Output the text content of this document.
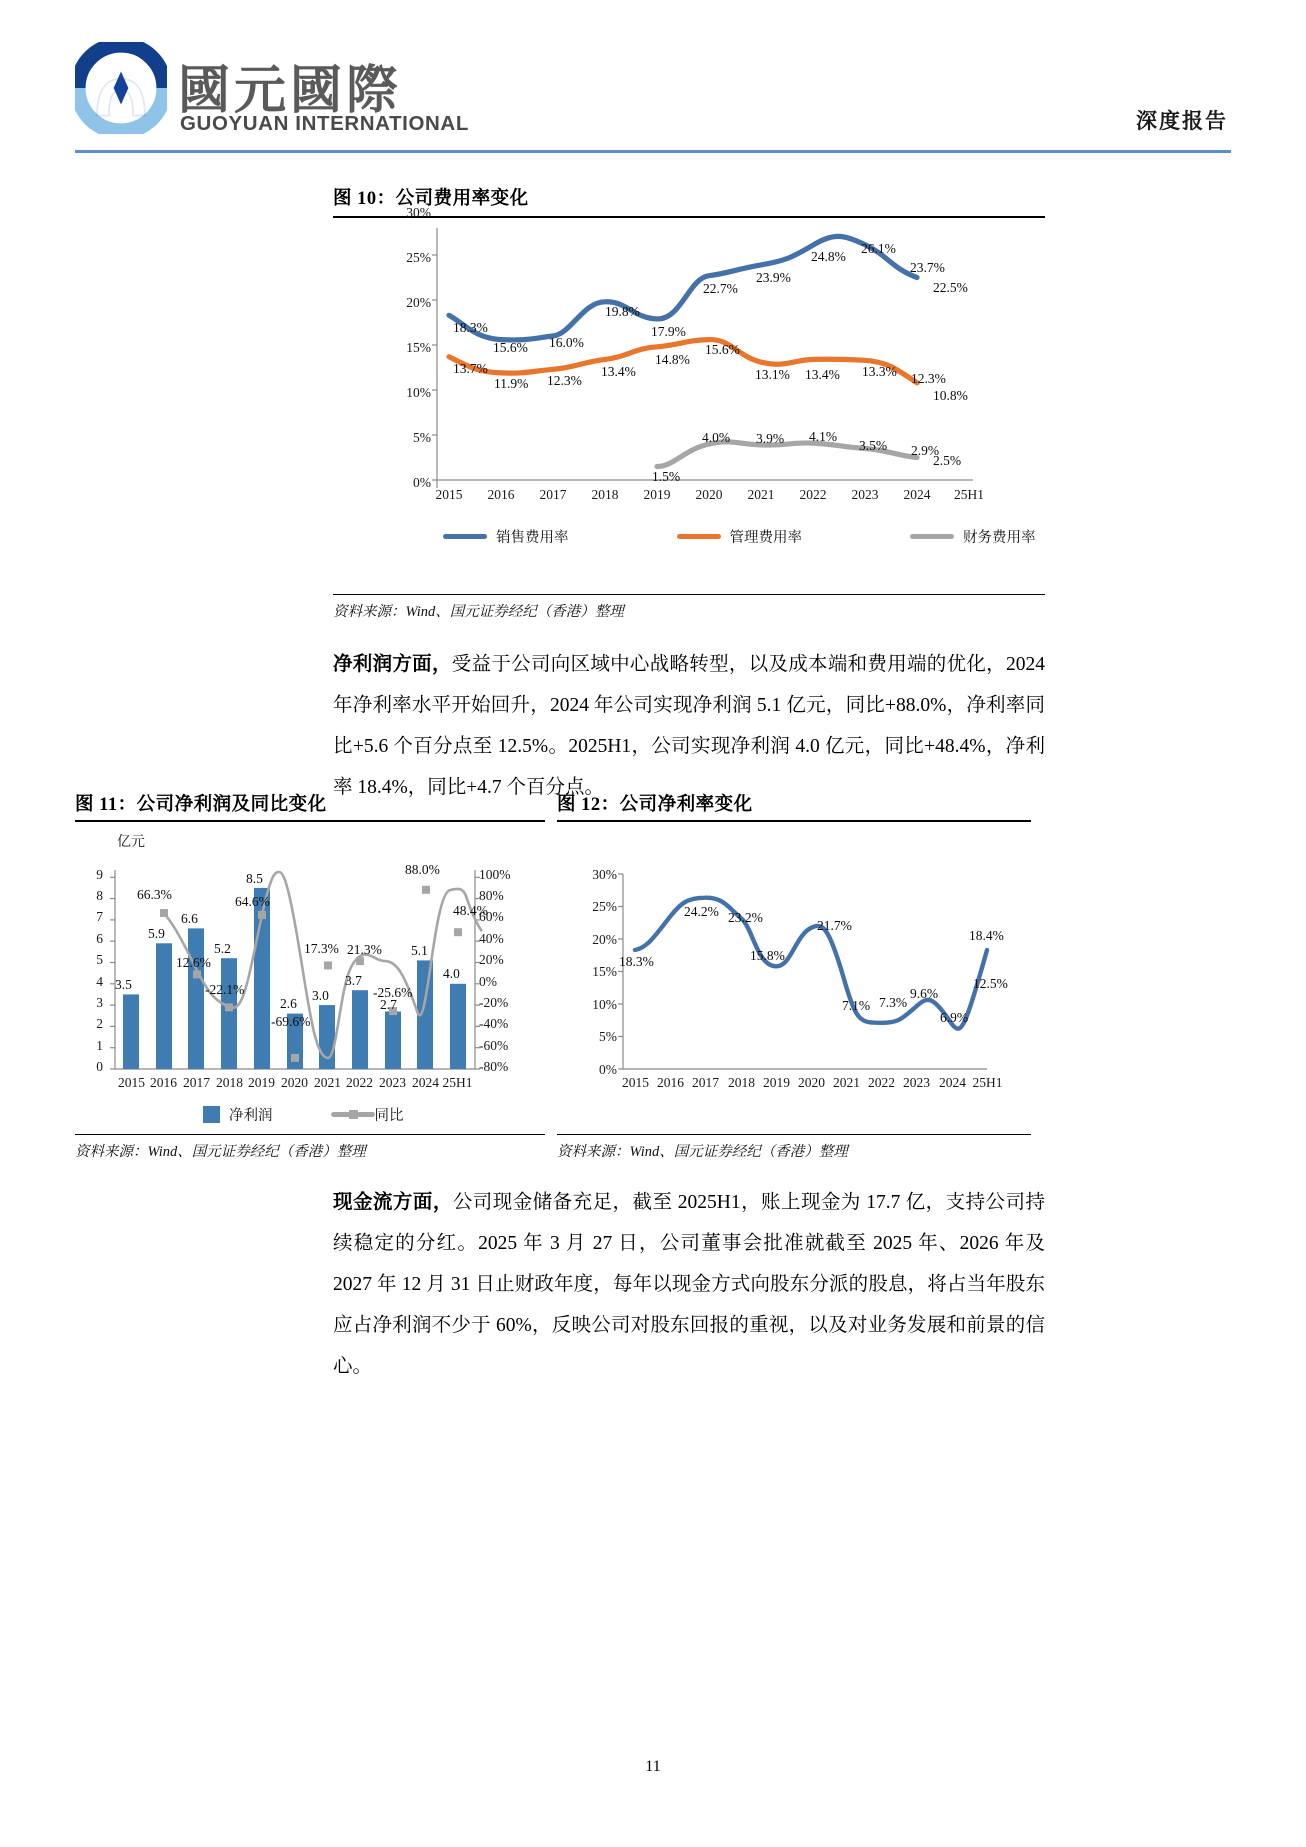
國元國際
GUOYUAN INTERNATIONAL	深度报告
图 10：公司费用率变化
0%
5%
10%
15%
20%
25%
30%
18.3%
15.6% 16.0%
19.8%
17.9%
22.7%
23.9%
24.8%
26.1%
23.7%
22.5%
13.7%
11.9% 12.3%
13.4%
14.8%
15.6%
13.1% 13.4% 13.3% 12.3%
10.8%
1.5%
4.0% 3.9% 4.1%
3.5% 2.9%
2.5%
2015	2016	2017	2018	2019	2020	2021	2022	2023	2024	25H1
销售费用率	管理费用率	财务费用率
资料来源：Wind、国元证券经纪（香港）整理
净利润方面，受益于公司向区域中心战略转型，以及成本端和费用端的优化，2024 年净利率水平开始回升，2024 年公司实现净利润 5.1 亿元，同比+88.0%，净利率同比+5.6 个百分点至 12.5%。2025H1，公司实现净利润 4.0 亿元，同比+48.4%，净利率 18.4%，同比+4.7 个百分点。
图 11：公司净利润及同比变化	图 12：公司净利率变化
亿元
0
1
2
3
4
5
6
7
8
9
-80%
-60%
-40%
-20%
0%
20%
40%
60%
80%
100%
3.5
5.9
6.6
5.2
8.5
2.6
3.0
3.7
2.7
5.1
4.0
66.3%
12.6%
-22.1%
64.6%
-69.6%
17.3% 21.3%
-25.6%
88.0%
48.4%
2015 2016 2017 2018 2019 2020 2021 2022 2023 2024 25H1
净利润	同比
0%
5%
10%
15%
20%
25%
30%
18.3%
24.2% 23.2%
15.8%
21.7%
7.1% 7.3%
9.6%
6.9%
12.5%
18.4%
2015 2016 2017 2018 2019 2020 2021 2022 2023 2024 25H1
资料来源：Wind、国元证券经纪（香港）整理	资料来源：Wind、国元证券经纪（香港）整理
现金流方面，公司现金储备充足，截至 2025H1，账上现金为 17.7 亿，支持公司持续稳定的分红。2025 年 3 月 27 日，公司董事会批准就截至 2025 年、2026 年及 2027 年 12 月 31 日止财政年度，每年以现金方式向股东分派的股息，将占当年股东应占净利润不少于 60%，反映公司对股东回报的重视，以及对业务发展和前景的信心。
11
